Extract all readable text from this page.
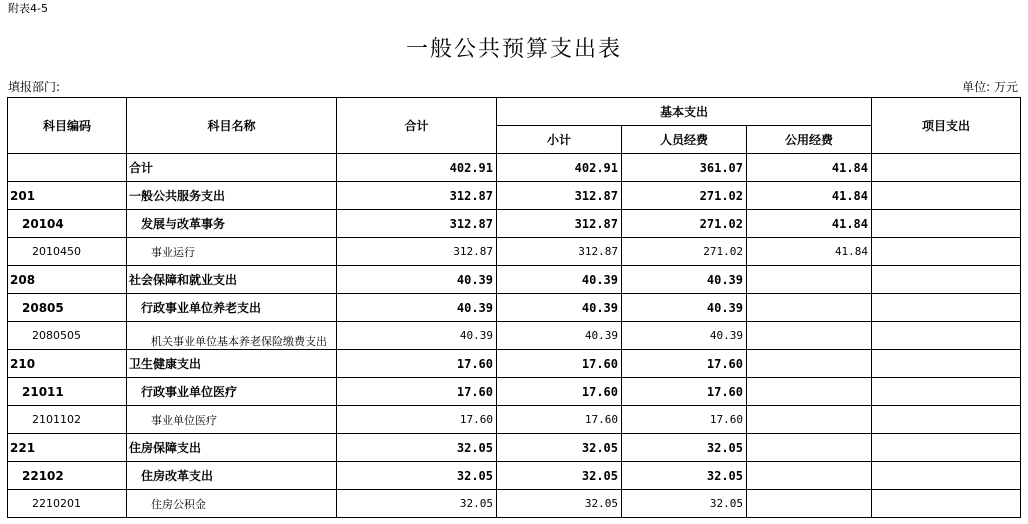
附表4-5
一般公共预算支出表
填报部门:	单位: 万元
科目编码	科目名称	合计	基本支出			项目支出
			小计	人员经费	公用经费	
	合计	402.91	402.91	361.07	41.84	
201	一般公共服务支出	312.87	312.87	271.02	41.84	
20104	发展与改革事务	312.87	312.87	271.02	41.84	
2010450	事业运行	312.87	312.87	271.02	41.84	
208	社会保障和就业支出	40.39	40.39	40.39		
20805	行政事业单位养老支出	40.39	40.39	40.39		
2080505	机关事业单位基本养老保险缴费支出	40.39	40.39	40.39		
210	卫生健康支出	17.60	17.60	17.60		
21011	行政事业单位医疗	17.60	17.60	17.60		
2101102	事业单位医疗	17.60	17.60	17.60		
221	住房保障支出	32.05	32.05	32.05		
22102	住房改革支出	32.05	32.05	32.05		
2210201	住房公积金	32.05	32.05	32.05		
